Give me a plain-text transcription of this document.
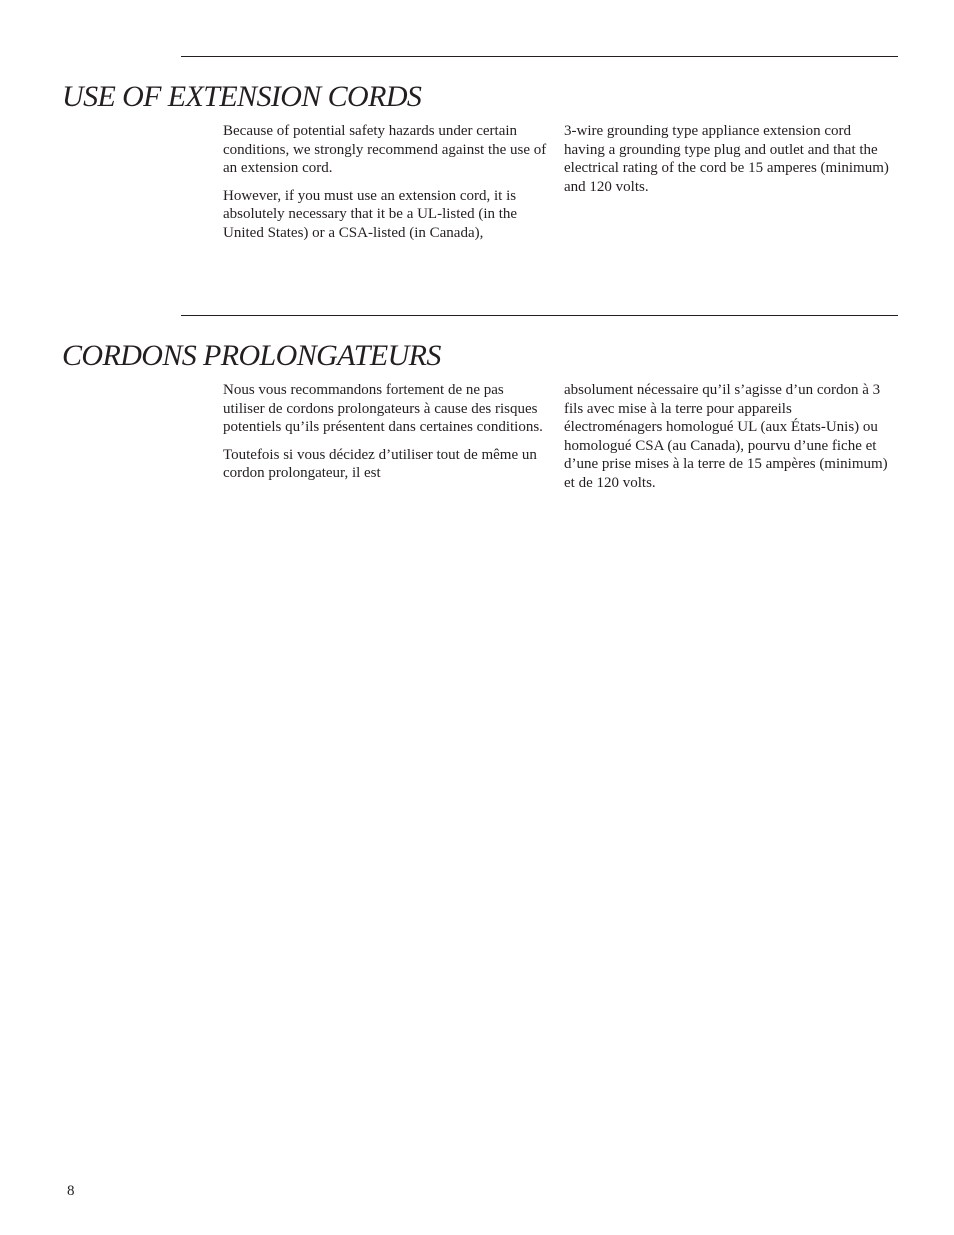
USE OF EXTENSION CORDS

Because of potential safety hazards under certain conditions, we strongly recommend against the use of an extension cord.

However, if you must use an extension cord, it is absolutely necessary that it be a UL-listed (in the United States) or a CSA-listed (in Canada),

3-wire grounding type appliance extension cord having a grounding type plug and outlet and that the electrical rating of the cord be 15 amperes (minimum) and 120 volts.

CORDONS PROLONGATEURS

Nous vous recommandons fortement de ne pas utiliser de cordons prolongateurs à cause des risques potentiels qu’ils présentent dans certaines conditions.

Toutefois si vous décidez d’utiliser tout de même un cordon prolongateur, il est

absolument nécessaire qu’il s’agisse d’un cordon à 3 fils avec mise à la terre pour appareils électroménagers homologué UL (aux États-Unis) ou homologué CSA (au Canada), pourvu d’une fiche et d’une prise mises à la terre de 15 ampères (minimum) et de 120 volts.

8
